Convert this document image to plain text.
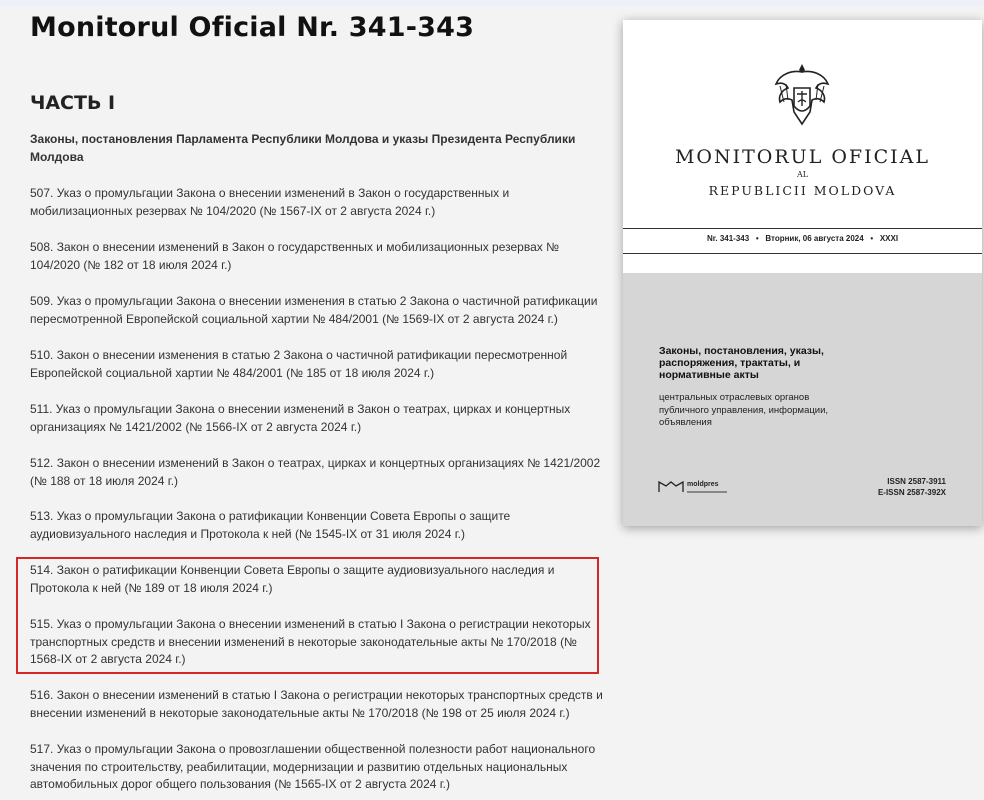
Monitorul Oficial Nr. 341-343
ЧАСТЬ I
Законы, постановления Парламента Республики Молдова и указы Президента Республики Молдова
507. Указ о промульгации Закона о внесении изменений в Закон о государственных и мобилизационных резервах № 104/2020 (№ 1567-IX от 2 августа 2024 г.)
508. Закон о внесении изменений в Закон о государственных и мобилизационных резервах № 104/2020 (№ 182 от 18 июля 2024 г.)
509. Указ о промульгации Закона о внесении изменения в статью 2 Закона о частичной ратификации пересмотренной Европейской социальной хартии № 484/2001 (№ 1569-IX от 2 августа 2024 г.)
510. Закон о внесении изменения в статью 2 Закона о частичной ратификации пересмотренной Европейской социальной хартии № 484/2001 (№ 185 от 18 июля 2024 г.)
511. Указ о промульгации Закона о внесении изменений в Закон о театрах, цирках и концертных организациях № 1421/2002 (№ 1566-IX от 2 августа 2024 г.)
512. Закон о внесении изменений в Закон о театрах, цирках и концертных организациях № 1421/2002 (№ 188 от 18 июля 2024 г.)
513. Указ о промульгации Закона о ратификации Конвенции Совета Европы о защите аудиовизуального наследия и Протокола к ней (№ 1545-IX от 31 июля 2024 г.)
514. Закон о ратификации Конвенции Совета Европы о защите аудиовизуального наследия и Протокола к ней (№ 189 от 18 июля 2024 г.)
515. Указ о промульгации Закона о внесении изменений в статью I Закона о регистрации некоторых транспортных средств и внесении изменений в некоторые законодательные акты № 170/2018 (№ 1568-IX от 2 августа 2024 г.)
516. Закон о внесении изменений в статью I Закона о регистрации некоторых транспортных средств и внесении изменений в некоторые законодательные акты № 170/2018 (№ 198 от 25 июля 2024 г.)
517. Указ о промульгации Закона о провозглашении общественной полезности работ национального значения по строительству, реабилитации, модернизации и развитию отдельных национальных автомобильных дорог общего пользования (№ 1565-IX от 2 августа 2024 г.)
MONITORUL OFICIAL
AL
REPUBLICII MOLDOVA
Nr. 341-343   •   Вторник, 06 августа 2024   •   XXXI
Законы, постановления, указы, распоряжения, трактаты, и нормативные акты
центральных отраслевых органов публичного управления, информации, объявления
moldpres	ISSN 2587-3911
E-ISSN 2587-392X
